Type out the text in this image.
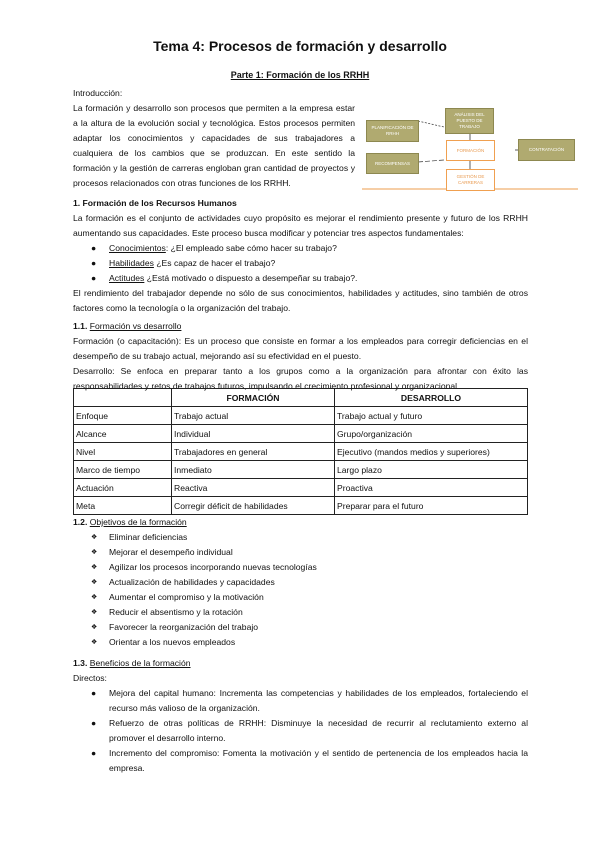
Tema 4: Procesos de formación y desarrollo
Parte 1: Formación de los RRHH

Introducción:

La formación y desarrollo son procesos que permiten a la empresa estar a la altura de la evolución social y tecnológica. Estos procesos permiten adaptar los conocimientos y capacidades de sus trabajadores a cualquiera de los cambios que se produzcan. En este sentido la formación y la gestión de carreras engloban gran cantidad de proyectos y procesos relacionados con otras funciones de los RRHH.

ANÁLISIS DEL PUESTO DE TRABAJO
PLANIFICACIÓN DE RRHH
RECOMPENSAS
FORMACIÓN	CONTRATACIÓN
GESTIÓN DE CARRERAS

1. Formación de los Recursos Humanos

La formación es el conjunto de actividades cuyo propósito es mejorar el rendimiento presente y futuro de los RRHH aumentando sus capacidades. Este proceso busca modificar y potenciar tres aspectos fundamentales:

● Conocimientos: ¿El empleado sabe cómo hacer su trabajo?
● Habilidades ¿Es capaz de hacer el trabajo?
● Actitudes ¿Está motivado o dispuesto a desempeñar su trabajo?.

El rendimiento del trabajador depende no sólo de sus conocimientos, habilidades y actitudes, sino también de otros factores como la tecnología o la organización del trabajo.

1.1. Formación vs desarrollo

Formación (o capacitación): Es un proceso que consiste en formar a los empleados para corregir deficiencias en el desempeño de su trabajo actual, mejorando así su efectividad en el puesto.

Desarrollo: Se enfoca en preparar tanto a los grupos como a la organización para afrontar con éxito las responsabilidades y retos de trabajos futuros, impulsando el crecimiento profesional y organizacional.

	FORMACIÓN	DESARROLLO
Enfoque	Trabajo actual	Trabajo actual y futuro
Alcance	Individual	Grupo/organización
Nivel	Trabajadores en general	Ejecutivo (mandos medios y superiores)
Marco de tiempo	Inmediato	Largo plazo
Actuación	Reactiva	Proactiva
Meta	Corregir déficit de habilidades	Preparar para el futuro

1.2. Objetivos de la formación

❖ Eliminar deficiencias
❖ Mejorar el desempeño individual
❖ Agilizar los procesos incorporando nuevas tecnologías
❖ Actualización de habilidades y capacidades
❖ Aumentar el compromiso y la motivación
❖ Reducir el absentismo y la rotación
❖ Favorecer la reorganización del trabajo
❖ Orientar a los nuevos empleados

1.3. Beneficios de la formación

Directos:

● Mejora del capital humano: Incrementa las competencias y habilidades de los empleados, fortaleciendo el recurso más valioso de la organización.
● Refuerzo de otras políticas de RRHH: Disminuye la necesidad de recurrir al reclutamiento externo al promover el desarrollo interno.
● Incremento del compromiso: Fomenta la motivación y el sentido de pertenencia de los empleados hacia la empresa.
